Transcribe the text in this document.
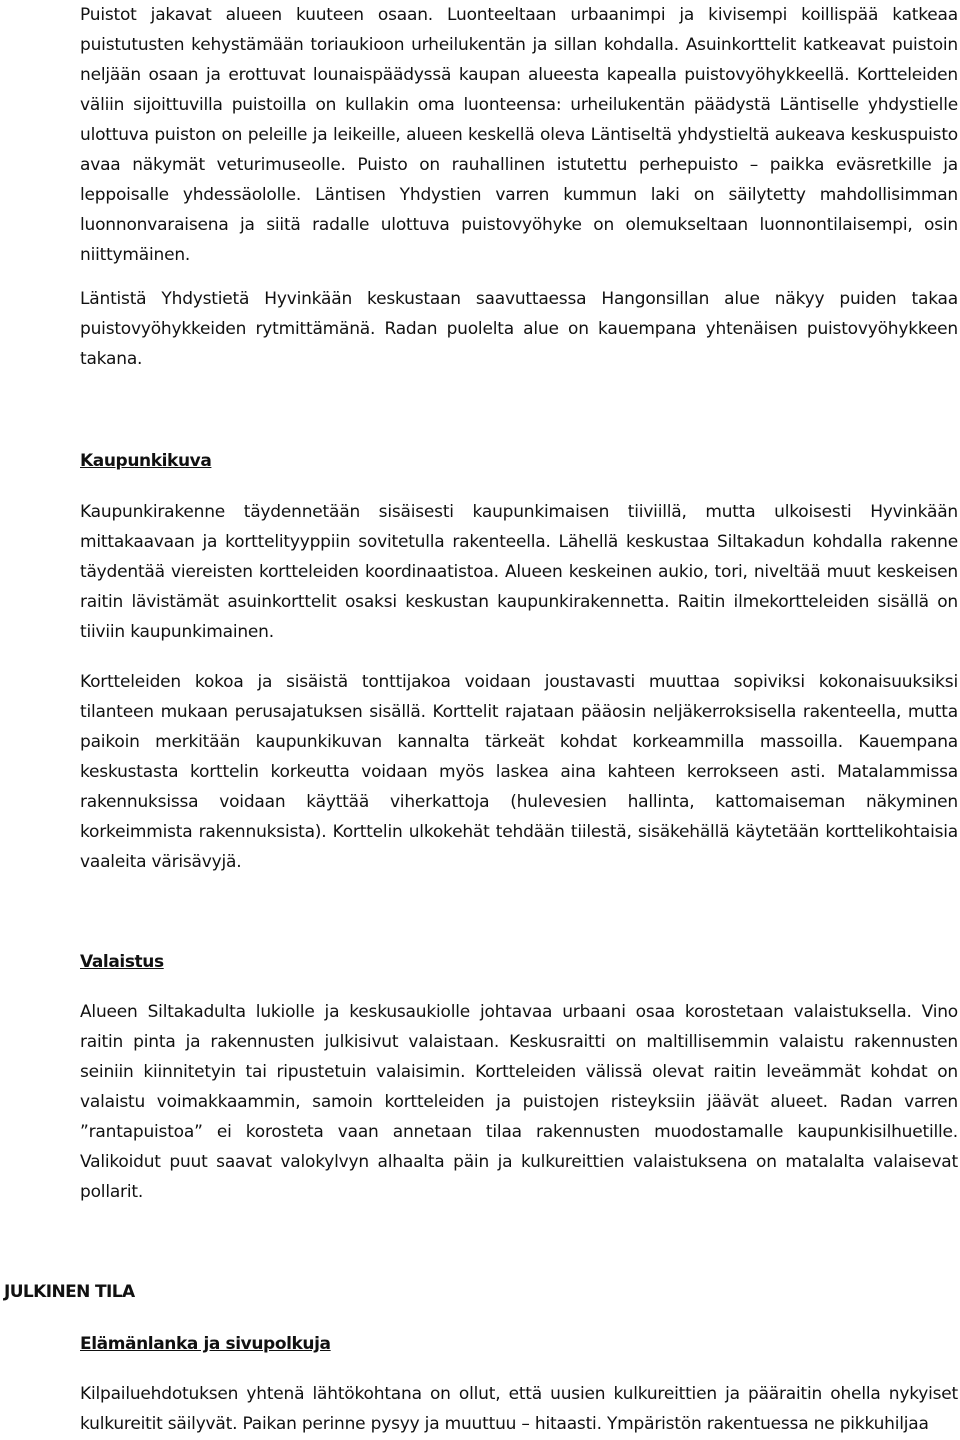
Puistot jakavat alueen kuuteen osaan. Luonteeltaan urbaanimpi ja kivisempi koillispää katkeaa puistutusten kehystämään toriaukioon urheilukentän ja sillan kohdalla. Asuinkorttelit katkeavat puistoin neljään osaan ja erottuvat lounaispäädyssä kaupan alueesta kapealla puistovyöhykkeellä. Kortteleiden väliin sijoittuvilla puistoilla on kullakin oma luonteensa: urheilukentän päädystä Läntiselle yhdystielle ulottuva puiston on peleille ja leikeille, alueen keskellä oleva Läntiseltä yhdystieltä aukeava keskuspuisto avaa näkymät veturimuseolle. Puisto on rauhallinen istutettu perhepuisto – paikka eväsretkille ja leppoisalle yhdessäololle. Läntisen Yhdystien varren kummun laki on säilytetty mahdollisimman luonnonvaraisena ja siitä radalle ulottuva puistovyöhyke on olemukseltaan luonnontilaisempi, osin niittymäinen.

Läntistä Yhdystietä Hyvinkään keskustaan saavuttaessa Hangonsillan alue näkyy puiden takaa puistovyöhykkeiden rytmittämänä. Radan puolelta alue on kauempana yhtenäisen puistovyöhykkeen takana.

Kaupunkikuva

Kaupunkirakenne täydennetään sisäisesti kaupunkimaisen tiiviillä, mutta ulkoisesti Hyvinkään mittakaavaan ja korttelityyppiin sovitetulla rakenteella. Lähellä keskustaa Siltakadun kohdalla rakenne täydentää viereisten kortteleiden koordinaatistoa. Alueen keskeinen aukio, tori, niveltää muut keskeisen raitin lävistämät asuinkorttelit osaksi keskustan kaupunkirakennetta. Raitin ilmekortteleiden sisällä on tiiviin kaupunkimainen.

Kortteleiden kokoa ja sisäistä tonttijakoa voidaan joustavasti muuttaa sopiviksi kokonaisuuksiksi tilanteen mukaan perusajatuksen sisällä. Korttelit rajataan pääosin neljäkerroksisella rakenteella, mutta paikoin merkitään kaupunkikuvan kannalta tärkeät kohdat korkeammilla massoilla. Kauempana keskustasta korttelin korkeutta voidaan myös laskea aina kahteen kerrokseen asti. Matalammissa rakennuksissa voidaan käyttää viherkattoja (hulevesien hallinta, kattomaiseman näkyminen korkeimmista rakennuksista). Korttelin ulkokehät tehdään tiilestä, sisäkehällä käytetään korttelikohtaisia vaaleita värisävyjä.

Valaistus

Alueen Siltakadulta lukiolle ja keskusaukiolle johtavaa urbaani osaa korostetaan valaistuksella. Vino raitin pinta ja rakennusten julkisivut valaistaan. Keskusraitti on maltillisemmin valaistu rakennusten seiniin kiinnitetyin tai ripustetuin valaisimin. Kortteleiden välissä olevat raitin leveämmät kohdat on valaistu voimakkaammin, samoin kortteleiden ja puistojen risteyksiin jäävät alueet. Radan varren ”rantapuistoa” ei korosteta vaan annetaan tilaa rakennusten muodostamalle kaupunkisilhuetille. Valikoidut puut saavat valokylvyn alhaalta päin ja kulkureittien valaistuksena on matalalta valaisevat pollarit.

JULKINEN TILA
Elämänlanka ja sivupolkuja

Kilpailuehdotuksen yhtenä lähtökohtana on ollut, että uusien kulkureittien ja pääraitin ohella nykyiset kulkureitit säilyvät. Paikan perinne pysyy ja muuttuu – hitaasti. Ympäristön rakentuessa ne pikkuhiljaa
